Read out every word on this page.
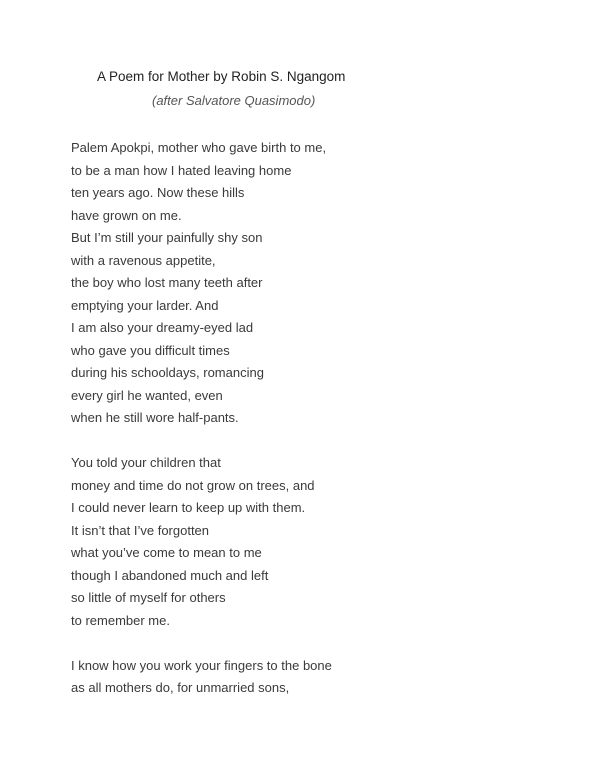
A Poem for Mother by Robin S. Ngangom
(after Salvatore Quasimodo)
Palem Apokpi, mother who gave birth to me,
to be a man how I hated leaving home
ten years ago. Now these hills
have grown on me.
But I’m still your painfully shy son
with a ravenous appetite,
the boy who lost many teeth after
emptying your larder. And
I am also your dreamy-eyed lad
who gave you difficult times
during his schooldays, romancing
every girl he wanted, even
when he still wore half-pants.
You told your children that
money and time do not grow on trees, and
I could never learn to keep up with them.
It isn’t that I’ve forgotten
what you’ve come to mean to me
though I abandoned much and left
so little of myself for others
to remember me.
I know how you work your fingers to the bone
as all mothers do, for unmarried sons,
